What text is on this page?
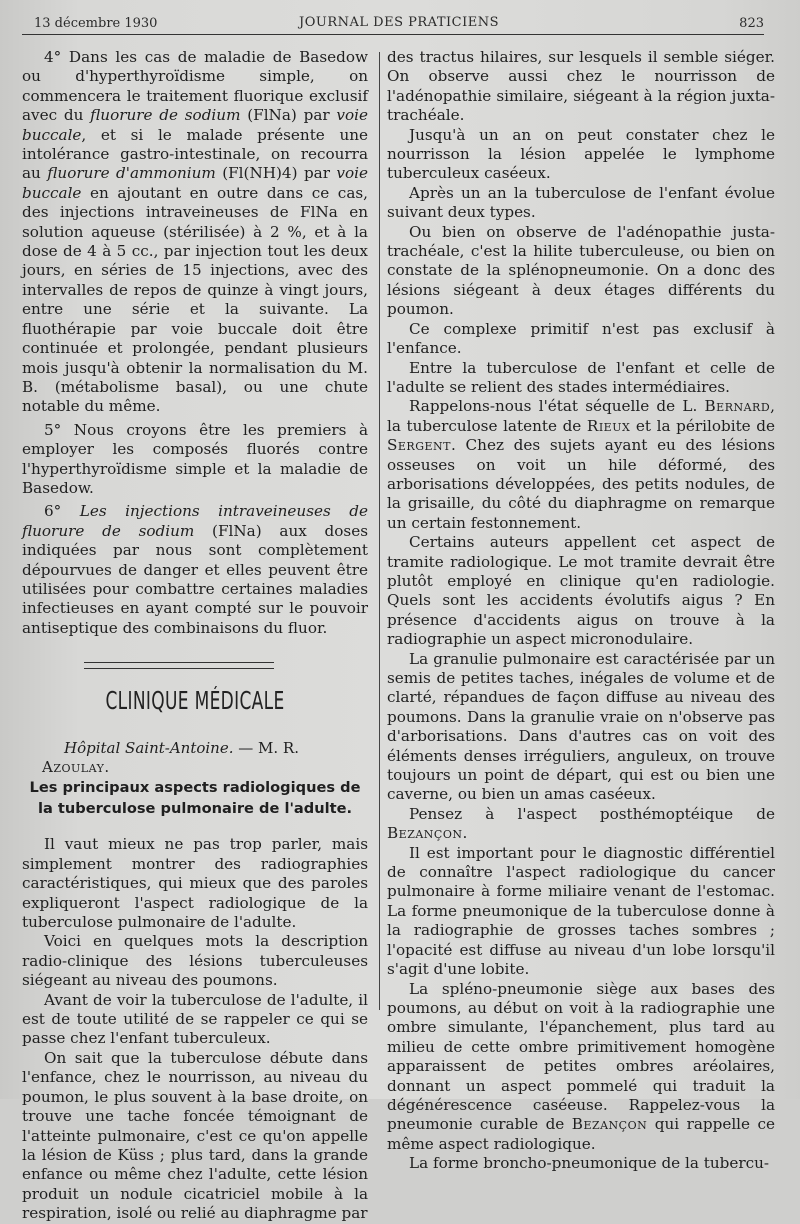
13 décembre 1930	JOURNAL DES PRATICIENS	823

4° Dans les cas de maladie de Basedow ou d'hyperthyroïdisme simple, on commencera le traitement fluorique exclusif avec du fluorure de sodium (FlNa) par voie buccale, et si le malade présente une intolérance gastro-intestinale, on recourra au fluorure d'ammonium (Fl(NH)4) par voie buccale en ajoutant en outre dans ce cas, des injections intraveineuses de FlNa en solution aqueuse (stérilisée) à 2 %, et à la dose de 4 à 5 cc., par injection tout les deux jours, en séries de 15 injections, avec des intervalles de repos de quinze à vingt jours, entre une série et la suivante. La fluothérapie par voie buccale doit être continuée et prolongée, pendant plusieurs mois jusqu'à obtenir la normalisation du M. B. (métabolisme basal), ou une chute notable du même.

5° Nous croyons être les premiers à employer les composés fluorés contre l'hyperthyroïdisme simple et la maladie de Basedow.

6° Les injections intraveineuses de fluorure de sodium (FlNa) aux doses indiquées par nous sont complètement dépourvues de danger et elles peuvent être utilisées pour combattre certaines maladies infectieuses en ayant compté sur le pouvoir antiseptique des combinaisons du fluor.

CLINIQUE MÉDICALE

Hôpital Saint-Antoine. — M. R. Azoulay.

Les principaux aspects radiologiques de la tuberculose pulmonaire de l'adulte.

Il vaut mieux ne pas trop parler, mais simplement montrer des radiographies caractéristiques, qui mieux que des paroles expliqueront l'aspect radiologique de la tuberculose pulmonaire de l'adulte.

Voici en quelques mots la description radio-clinique des lésions tuberculeuses siégeant au niveau des poumons.

Avant de voir la tuberculose de l'adulte, il est de toute utilité de se rappeler ce qui se passe chez l'enfant tuberculeux.

On sait que la tuberculose débute dans l'enfance, chez le nourrisson, au niveau du poumon, le plus souvent à la base droite, on trouve une tache foncée témoignant de l'atteinte pulmonaire, c'est ce qu'on appelle la lésion de Küss ; plus tard, dans la grande enfance ou même chez l'adulte, cette lésion produit un nodule cicatriciel mobile à la respiration, isolé ou relié au diaphragme par

des tractus hilaires, sur lesquels il semble siéger. On observe aussi chez le nourrisson de l'adénopathie similaire, siégeant à la région juxta-trachéale.

Jusqu'à un an on peut constater chez le nourrisson la lésion appelée le lymphome tuberculeux caséeux.

Après un an la tuberculose de l'enfant évolue suivant deux types.

Ou bien on observe de l'adénopathie justa-trachéale, c'est la hilite tuberculeuse, ou bien on constate de la splénopneumonie. On a donc des lésions siégeant à deux étages différents du poumon.

Ce complexe primitif n'est pas exclusif à l'enfance.

Entre la tuberculose de l'enfant et celle de l'adulte se relient des stades intermédiaires.

Rappelons-nous l'état séquelle de L. Bernard, la tuberculose latente de Rieux et la périlobite de Sergent. Chez des sujets ayant eu des lésions osseuses on voit un hile déformé, des arborisations développées, des petits nodules, de la grisaille, du côté du diaphragme on remarque un certain festonnement.

Certains auteurs appellent cet aspect de tramite radiologique. Le mot tramite devrait être plutôt employé en clinique qu'en radiologie. Quels sont les accidents évolutifs aigus ? En présence d'accidents aigus on trouve à la radiographie un aspect micronodulaire.

La granulie pulmonaire est caractérisée par un semis de petites taches, inégales de volume et de clarté, répandues de façon diffuse au niveau des poumons. Dans la granulie vraie on n'observe pas d'arborisations. Dans d'autres cas on voit des éléments denses irréguliers, anguleux, on trouve toujours un point de départ, qui est ou bien une caverne, ou bien un amas caséeux.

Pensez à l'aspect posthémoptéique de Bezançon.

Il est important pour le diagnostic différentiel de connaître l'aspect radiologique du cancer pulmonaire à forme miliaire venant de l'estomac. La forme pneumonique de la tuberculose donne à la radiographie de grosses taches sombres ; l'opacité est diffuse au niveau d'un lobe lorsqu'il s'agit d'une lobite.

La spléno-pneumonie siège aux bases des poumons, au début on voit à la radiographie une ombre simulante, l'épanchement, plus tard au milieu de cette ombre primitivement homogène apparaissent de petites ombres aréolaires, donnant un aspect pommelé qui traduit la dégénérescence caséeuse. Rappelez-vous la pneumonie curable de Bezançon qui rappelle ce même aspect radiologique.

La forme broncho-pneumonique de la tubercu-
